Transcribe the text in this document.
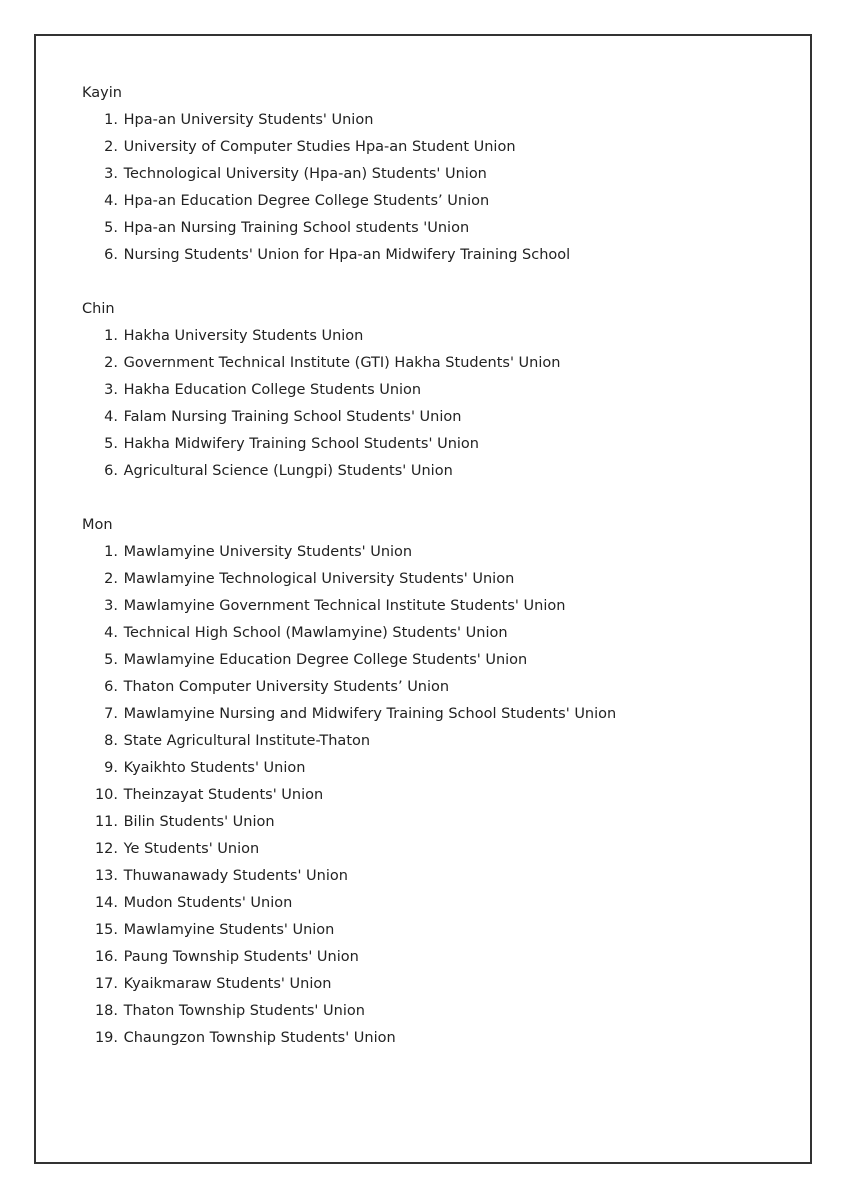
Kayin
1.
Hpa-an University Students' Union
2.
University of Computer Studies Hpa-an Student Union
3.
Technological University (Hpa-an) Students' Union
4.
Hpa-an Education Degree College Students’ Union
5.
Hpa-an Nursing Training School students 'Union
6.
Nursing Students' Union for Hpa-an Midwifery Training School
Chin
1.
Hakha University Students Union
2.
Government Technical Institute (GTI) Hakha Students' Union
3.
Hakha Education College Students Union
4.
Falam Nursing Training School Students' Union
5.
Hakha Midwifery Training School Students' Union
6.
Agricultural Science (Lungpi) Students' Union
Mon
1.
Mawlamyine University Students' Union
2.
Mawlamyine Technological University Students' Union
3.
Mawlamyine Government Technical Institute Students' Union
4.
Technical High School (Mawlamyine) Students' Union
5.
Mawlamyine Education Degree College Students' Union
6.
Thaton Computer University Students’ Union
7.
Mawlamyine Nursing and Midwifery Training School Students' Union
8.
State Agricultural Institute-Thaton
9.
Kyaikhto Students' Union
10.
Theinzayat Students' Union
11.
Bilin Students' Union
12.
Ye Students' Union
13.
Thuwanawady Students' Union
14.
Mudon Students' Union
15.
Mawlamyine Students' Union
16.
Paung Township Students' Union
17.
Kyaikmaraw Students' Union
18.
Thaton Township Students' Union
19.
Chaungzon Township Students' Union
